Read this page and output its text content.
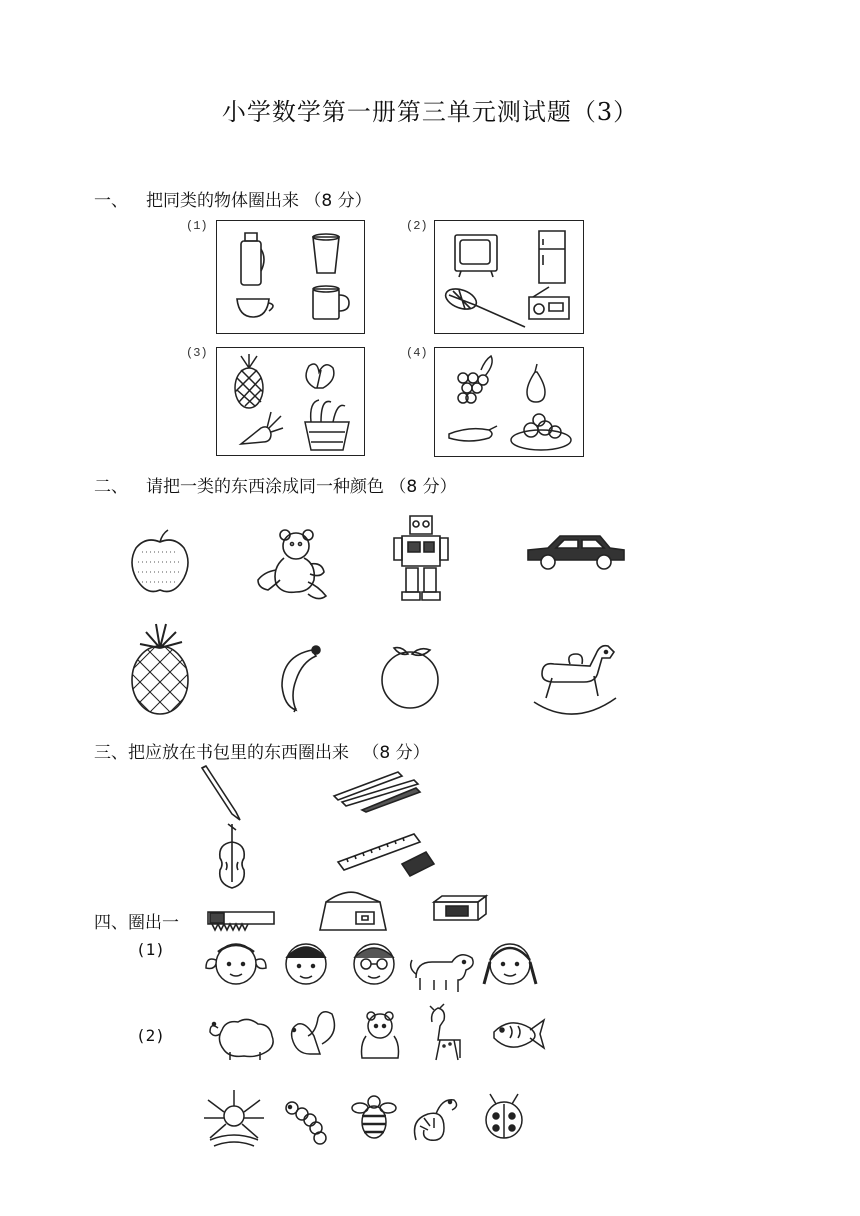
小学数学第一册第三单元测试题（3）
一、 把同类的物体圈出来 （8 分）
(1)	(2)
(3)	(4)
二、 请把一类的东西涂成同一种颜色 （8 分）
三、把应放在书包里的东西圈出来 （8 分）
四、圈出一
(1)
(2)
